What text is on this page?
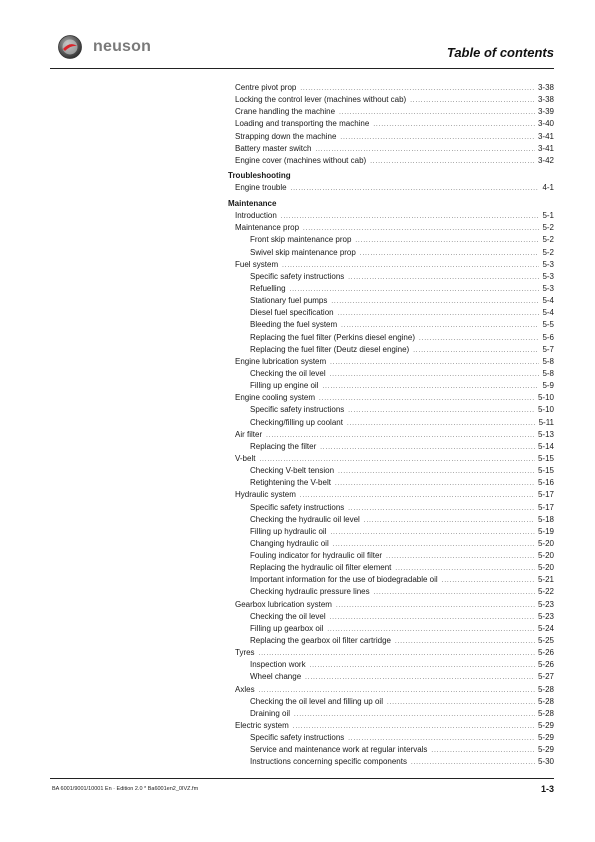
neuson	Table of contents
Centre pivot prop .....	3-38
Locking the control lever (machines without cab) .....	3-38
Crane handling the machine .....	3-39
Loading and transporting the machine .....	3-40
Strapping down the machine .....	3-41
Battery master switch .....	3-41
Engine cover (machines without cab) .....	3-42
Troubleshooting
Engine trouble .....	4-1
Maintenance
Introduction .....	5-1
Maintenance prop .....	5-2
Front skip maintenance prop .....	5-2
Swivel skip maintenance prop .....	5-2
Fuel system .....	5-3
Specific safety instructions .....	5-3
Refuelling .....	5-3
Stationary fuel pumps .....	5-4
Diesel fuel specification .....	5-4
Bleeding the fuel system .....	5-5
Replacing the fuel filter (Perkins diesel engine) .....	5-6
Replacing the fuel filter (Deutz diesel engine) .....	5-7
Engine lubrication system .....	5-8
Checking the oil level .....	5-8
Filling up engine oil .....	5-9
Engine cooling system .....	5-10
Specific safety instructions .....	5-10
Checking/filling up coolant .....	5-11
Air filter .....	5-13
Replacing the filter .....	5-14
V-belt .....	5-15
Checking V-belt tension .....	5-15
Retightening the V-belt .....	5-16
Hydraulic system .....	5-17
Specific safety instructions .....	5-17
Checking the hydraulic oil level .....	5-18
Filling up hydraulic oil .....	5-19
Changing hydraulic oil .....	5-20
Fouling indicator for hydraulic oil filter .....	5-20
Replacing the hydraulic oil filter element .....	5-20
Important information for the use of biodegradable oil .....	5-21
Checking hydraulic pressure lines .....	5-22
Gearbox lubrication system .....	5-23
Checking the oil level .....	5-23
Filling up gearbox oil .....	5-24
Replacing the gearbox oil filter cartridge .....	5-25
Tyres .....	5-26
Inspection work .....	5-26
Wheel change .....	5-27
Axles .....	5-28
Checking the oil level and filling up oil .....	5-28
Draining oil .....	5-28
Electric system .....	5-29
Specific safety instructions .....	5-29
Service and maintenance work at regular intervals .....	5-29
Instructions concerning specific components .....	5-30
BA 6001/9001/10001 En · Edition 2.0 * Ba6001en2_0IVZ.fm	1-3
